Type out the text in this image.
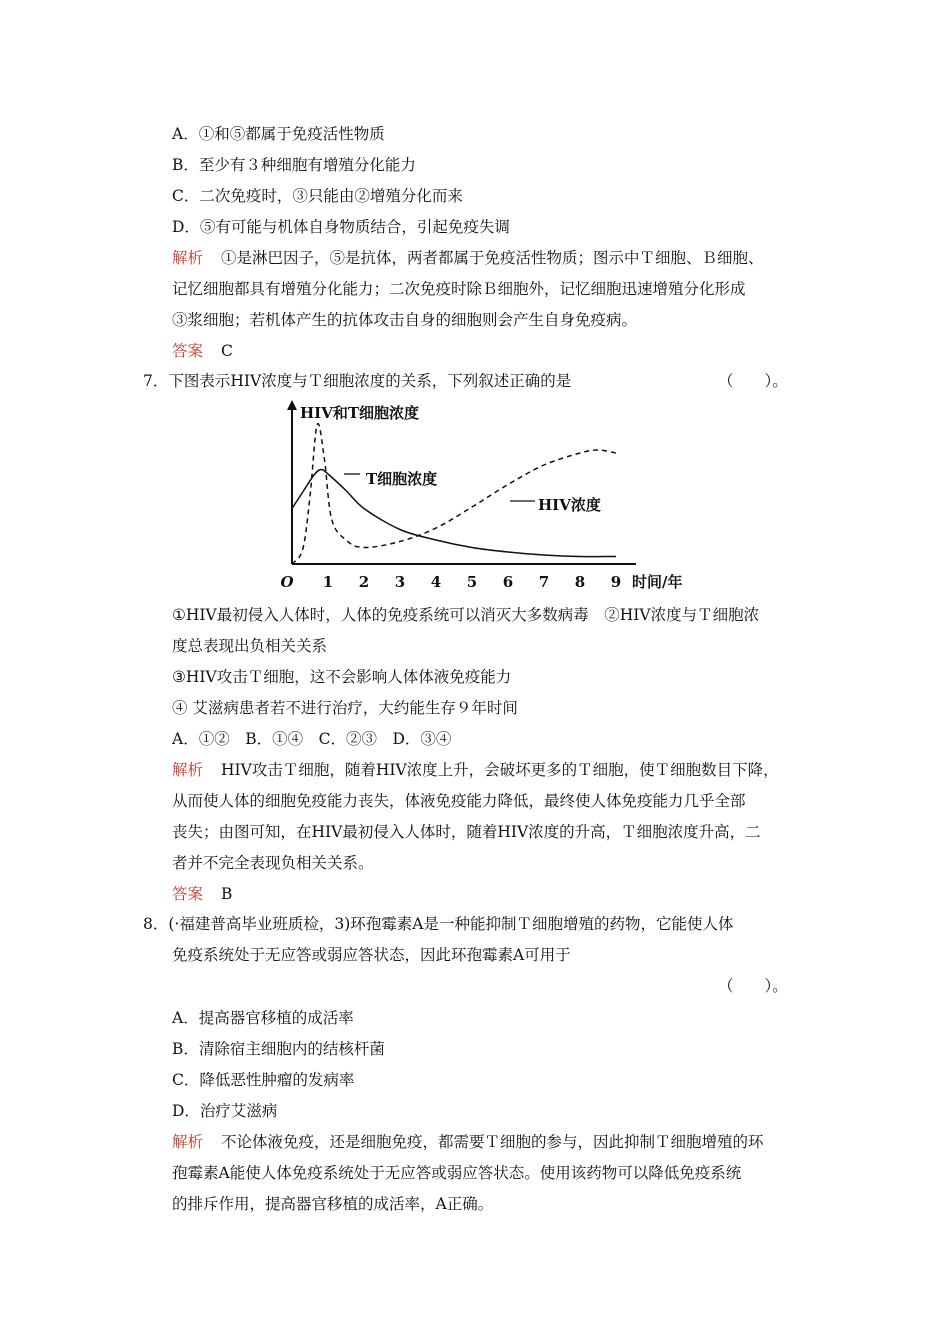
A．①和⑤都属于免疫活性物质
B．至少有３种细胞有增殖分化能力
C．二次免疫时，③只能由②增殖分化而来
D．⑤有可能与机体自身物质结合，引起免疫失调
解析 ①是淋巴因子，⑤是抗体，两者都属于免疫活性物质；图示中Ｔ细胞、Ｂ细胞、
记忆细胞都具有增殖分化能力；二次免疫时除Ｂ细胞外，记忆细胞迅速增殖分化形成
③浆细胞；若机体产生的抗体攻击自身的细胞则会产生自身免疫病。
答案 C
7．下图表示HIV浓度与Ｔ细胞浓度的关系，下列叙述正确的是	（　　）。
HIV和T细胞浓度
O	时间/年
1 2 3 4 5 6 7 8 9
T细胞浓度
HIV浓度
①HIV最初侵入人体时，人体的免疫系统可以消灭大多数病毒　②HIV浓度与Ｔ细胞浓
度总表现出负相关关系
③HIV攻击Ｔ细胞，这不会影响人体体液免疫能力
④ 艾滋病患者若不进行治疗，大约能生存９年时间
A．①②　B．①④　C．②③　D．③④
解析 HIV攻击Ｔ细胞，随着HIV浓度上升，会破坏更多的Ｔ细胞，使Ｔ细胞数目下降，
从而使人体的细胞免疫能力丧失，体液免疫能力降低，最终使人体免疫能力几乎全部
丧失；由图可知，在HIV最初侵入人体时，随着HIV浓度的升高，Ｔ细胞浓度升高，二
者并不完全表现负相关关系。
答案 B
8．(·福建普高毕业班质检，3)环孢霉素A是一种能抑制Ｔ细胞增殖的药物，它能使人体
免疫系统处于无应答或弱应答状态，因此环孢霉素A可用于
（　　）。
A．提高器官移植的成活率
B．清除宿主细胞内的结核杆菌
C．降低恶性肿瘤的发病率
D．治疗艾滋病
解析 不论体液免疫，还是细胞免疫，都需要Ｔ细胞的参与，因此抑制Ｔ细胞增殖的环
孢霉素A能使人体免疫系统处于无应答或弱应答状态。使用该药物可以降低免疫系统
的排斥作用，提高器官移植的成活率，A正确。
